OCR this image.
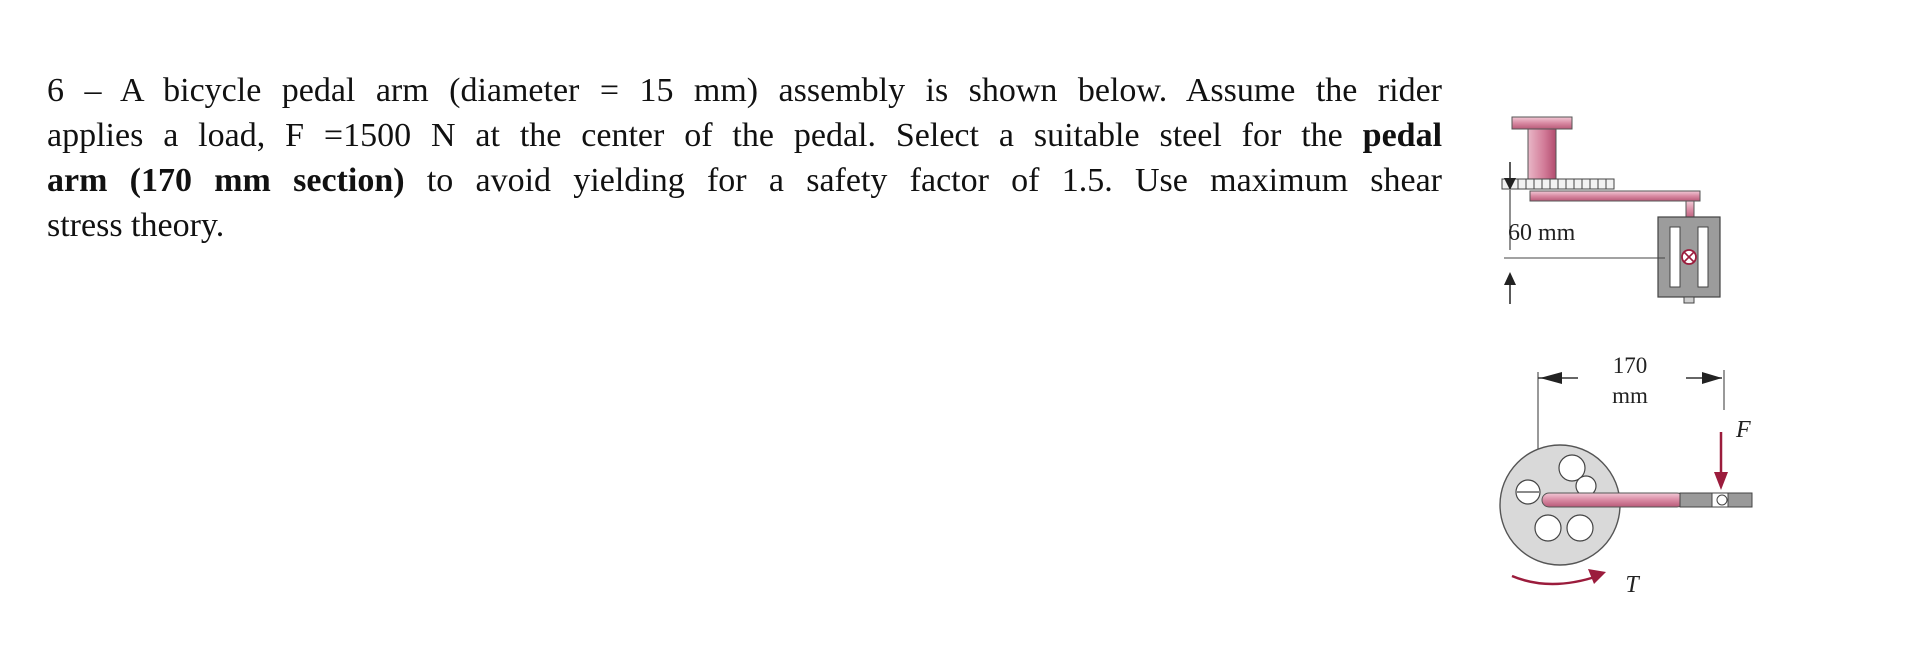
6 – A bicycle pedal arm (diameter = 15 mm) assembly is shown below. Assume the rider
applies a load, F =1500 N at the center of the pedal. Select a suitable steel for the pedal
arm (170 mm section) to avoid yielding for a safety factor of 1.5. Use maximum shear
stress theory.	60 mm
170
mm
F
T
